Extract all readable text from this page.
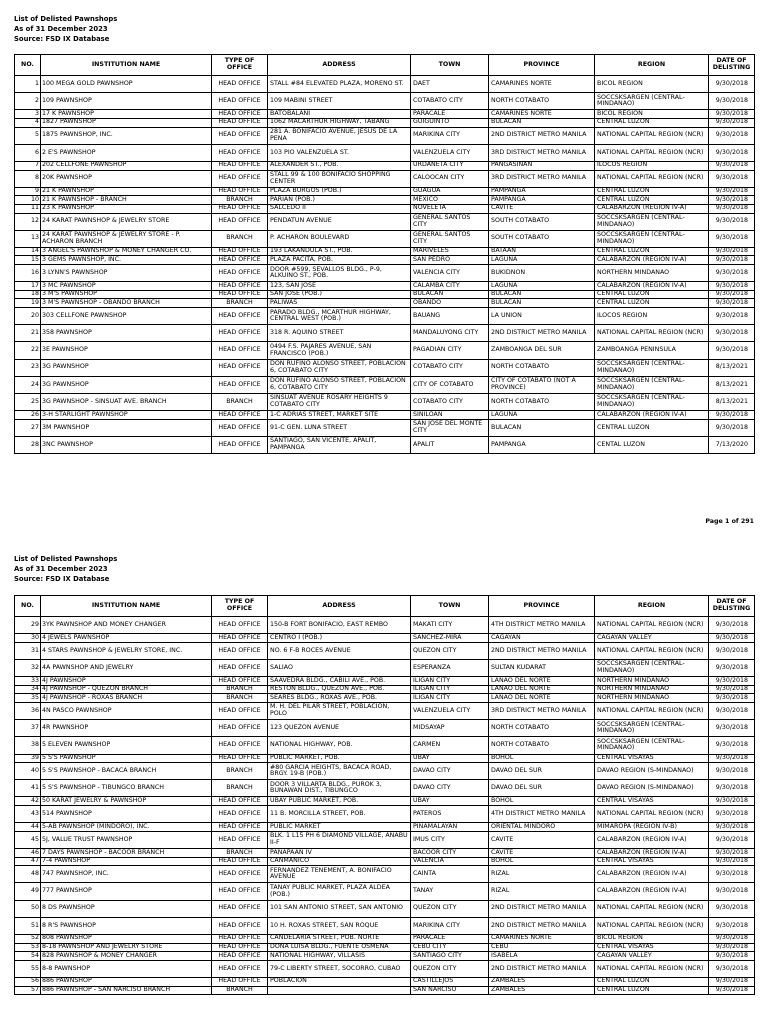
List of Delisted Pawnshops
As of 31 December 2023
Source: FSD IX Database
NO.	INSTITUTION NAME	TYPE OF OFFICE	ADDRESS	TOWN	PROVINCE	REGION	DATE OF DELISTING
1	100 MEGA GOLD PAWNSHOP	HEAD OFFICE	STALL #84 ELEVATED PLAZA, MORENO ST.	DAET	CAMARINES NORTE	BICOL REGION	9/30/2018
2	109 PAWNSHOP	HEAD OFFICE	109 MABINI STREET	COTABATO CITY	NORTH COTABATO	SOCCSKSARGEN (CENTRAL-MINDANAO)	9/30/2018
3	17 K PAWNSHOP	HEAD OFFICE	BATOBALANI	PARACALE	CAMARINES NORTE	BICOL REGION	9/30/2018
4	1827 PAWNSHOP	HEAD OFFICE	1062 MACARTHUR HIGHWAY, TABANG	GUIGUINTO	BULACAN	CENTRAL LUZON	9/30/2018
5	1875 PAWNSHOP, INC.	HEAD OFFICE	281 A. BONIFACIO AVENUE, JESUS DE LA PENA	MARIKINA CITY	2ND DISTRICT METRO MANILA	NATIONAL CAPITAL REGION (NCR)	9/30/2018
6	2 E'S PAWNSHOP	HEAD OFFICE	103 PIO VALENZUELA ST.	VALENZUELA CITY	3RD DISTRICT METRO MANILA	NATIONAL CAPITAL REGION (NCR)	9/30/2018
7	202 CELLFONE PAWNSHOP	HEAD OFFICE	ALEXANDER ST., POB.	URDANETA CITY	PANGASINAN	ILOCOS REGION	9/30/2018
8	20K PAWNSHOP	HEAD OFFICE	STALL 99 & 100 BONIFACIO SHOPPING CENTER	CALOOCAN CITY	3RD DISTRICT METRO MANILA	NATIONAL CAPITAL REGION (NCR)	9/30/2018
9	21 K PAWNSHOP	HEAD OFFICE	PLAZA BURGOS (POB.)	GUAGUA	PAMPANGA	CENTRAL LUZON	9/30/2018
10	21 K PAWNSHOP - BRANCH	BRANCH	PARIAN (POB.)	MEXICO	PAMPANGA	CENTRAL LUZON	9/30/2018
11	23 K PAWNSHOP	HEAD OFFICE	SALCEDO II	NOVELETA	CAVITE	CALABARZON (REGION IV-A)	9/30/2018
12	24 KARAT PAWNSHOP & JEWELRY STORE	HEAD OFFICE	PENDATUN AVENUE	GENERAL SANTOS CITY	SOUTH COTABATO	SOCCSKSARGEN (CENTRAL-MINDANAO)	9/30/2018
13	24 KARAT PAWNSHOP & JEWELRY STORE - P. ACHARON BRANCH	BRANCH	P. ACHARON BOULEVARD	GENERAL SANTOS CITY	SOUTH COTABATO	SOCCSKSARGEN (CENTRAL-MINDANAO)	9/30/2018
14	3 ANGEL'S PAWNSHOP & MONEY CHANGER CO.	HEAD OFFICE	193 LAKANDULA ST., POB.	MARIVELES	BATAAN	CENTRAL LUZON	9/30/2018
15	3 GEMS PAWNSHOP, INC.	HEAD OFFICE	PLAZA PACITA, POB.	SAN PEDRO	LAGUNA	CALABARZON (REGION IV-A)	9/30/2018
16	3 LYNN'S PAWNSHOP	HEAD OFFICE	DOOR #599, SEVALLOS BLDG., P-9, ALKUINO ST., POB.	VALENCIA CITY	BUKIDNON	NORTHERN MINDANAO	9/30/2018
17	3 MC PAWNSHOP	HEAD OFFICE	123, SAN JOSE	CALAMBA CITY	LAGUNA	CALABARZON (REGION IV-A)	9/30/2018
18	3 M'S PAWNSHOP	HEAD OFFICE	SAN JOSE (POB.)	BULACAN	BULACAN	CENTRAL LUZON	9/30/2018
19	3 M'S PAWNSHOP - OBANDO BRANCH	BRANCH	PALIWAS	OBANDO	BULACAN	CENTRAL LUZON	9/30/2018
20	303 CELLFONE PAWNSHOP	HEAD OFFICE	PARADO BLDG., MCARTHUR HIGHWAY, CENTRAL WEST (POB.)	BAUANG	LA UNION	ILOCOS REGION	9/30/2018
21	358 PAWNSHOP	HEAD OFFICE	318 R. AQUINO STREET	MANDALUYONG CITY	2ND DISTRICT METRO MANILA	NATIONAL CAPITAL REGION (NCR)	9/30/2018
22	3E PAWNSHOP	HEAD OFFICE	0494 F.S. PAJARES AVENUE, SAN FRANCISCO (POB.)	PAGADIAN CITY	ZAMBOANGA DEL SUR	ZAMBOANGA PENINSULA	9/30/2018
23	3G PAWNSHOP	HEAD OFFICE	DON RUFINO ALONSO STREET, POBLACION 6, COTABATO CITY	COTABATO CITY	NORTH COTABATO	SOCCSKSARGEN (CENTRAL-MINDANAO)	8/13/2021
24	3G PAWNSHOP	HEAD OFFICE	DON RUFINO ALONSO STREET, POBLACION 6, COTABATO CITY	CITY OF COTABATO	CITY OF COTABATO (NOT A PROVINCE)	SOCCSKSARGEN (CENTRAL-MINDANAO)	8/13/2021
25	3G PAWNSHOP - SINSUAT AVE. BRANCH	BRANCH	SINSUAT AVENUE ROSARY HEIGHTS 9 COTABATO CITY	COTABATO CITY	NORTH COTABATO	SOCCSKSARGEN (CENTRAL-MINDANAO)	8/13/2021
26	3-H STARLIGHT PAWNSHOP	HEAD OFFICE	1-C ADRIAS STREET, MARKET SITE	SINILOAN	LAGUNA	CALABARZON (REGION IV-A)	9/30/2018
27	3M PAWNSHOP	HEAD OFFICE	91-C GEN. LUNA STREET	SAN JOSE DEL MONTE CITY	BULACAN	CENTRAL LUZON	9/30/2018
28	3NC PAWNSHOP	HEAD OFFICE	SANTIAGO, SAN VICENTE, APALIT, PAMPANGA	APALIT	PAMPANGA	CENTAL LUZON	7/13/2020
Page 1 of 291
List of Delisted Pawnshops
As of 31 December 2023
Source: FSD IX Database
NO.	INSTITUTION NAME	TYPE OF OFFICE	ADDRESS	TOWN	PROVINCE	REGION	DATE OF DELISTING
29	3YK PAWNSHOP AND MONEY CHANGER	HEAD OFFICE	150-B FORT BONIFACIO, EAST REMBO	MAKATI CITY	4TH DISTRICT METRO MANILA	NATIONAL CAPITAL REGION (NCR)	9/30/2018
30	4 JEWELS PAWNSHOP	HEAD OFFICE	CENTRO I (POB.)	SANCHEZ-MIRA	CAGAYAN	CAGAYAN VALLEY	9/30/2018
31	4 STARS PAWNSHOP & JEWELRY STORE, INC.	HEAD OFFICE	NO. 6 F-B ROCES AVENUE	QUEZON CITY	2ND DISTRICT METRO MANILA	NATIONAL CAPITAL REGION (NCR)	9/30/2018
32	4A PAWNSHOP AND JEWELRY	HEAD OFFICE	SALIAO	ESPERANZA	SULTAN KUDARAT	SOCCSKSARGEN (CENTRAL-MINDANAO)	9/30/2018
33	4J PAWNSHOP	HEAD OFFICE	SAAVEDRA BLDG., CABILI AVE., POB.	ILIGAN CITY	LANAO DEL NORTE	NORTHERN MINDANAO	9/30/2018
34	4J PAWNSHOP - QUEZON BRANCH	BRANCH	RESTON BLDG., QUEZON AVE., POB.	ILIGAN CITY	LANAO DEL NORTE	NORTHERN MINDANAO	9/30/2018
35	4J PAWNSHOP - ROXAS BRANCH	BRANCH	SEARES BLDG., ROXAS AVE., POB.	ILIGAN CITY	LANAO DEL NORTE	NORTHERN MINDANAO	9/30/2018
36	4N PASCO PAWNSHOP	HEAD OFFICE	M. H. DEL PILAR STREET, POBLACION, POLO	VALENZUELA CITY	3RD DISTRICT METRO MANILA	NATIONAL CAPITAL REGION (NCR)	9/30/2018
37	4R PAWNSHOP	HEAD OFFICE	123 QUEZON AVENUE	MIDSAYAP	NORTH COTABATO	SOCCSKSARGEN (CENTRAL-MINDANAO)	9/30/2018
38	5 ELEVEN PAWNSHOP	HEAD OFFICE	NATIONAL HIGHWAY, POB.	CARMEN	NORTH COTABATO	SOCCSKSARGEN (CENTRAL-MINDANAO)	9/30/2018
39	5 S'S PAWNSHOP	HEAD OFFICE	PUBLIC MARKET, POB.	UBAY	BOHOL	CENTRAL VISAYAS	9/30/2018
40	5 S'S PAWNSHOP - BACACA BRANCH	BRANCH	#80 GARCIA HEIGHTS, BACACA ROAD, BRGY. 19-B (POB.)	DAVAO CITY	DAVAO DEL SUR	DAVAO REGION (S-MINDANAO)	9/30/2018
41	5 S'S PAWNSHOP - TIBUNGCO BRANCH	BRANCH	DOOR 3 VILLARTA BLDG., PUROK 3, BUNAWAN DIST., TIBUNGCO	DAVAO CITY	DAVAO DEL SUR	DAVAO REGION (S-MINDANAO)	9/30/2018
42	50 KARAT JEWELRY & PAWNSHOP	HEAD OFFICE	UBAY PUBLIC MARKET, POB.	UBAY	BOHOL	CENTRAL VISAYAS	9/30/2018
43	514 PAWNSHOP	HEAD OFFICE	11 B. MORCILLA STREET, POB.	PATEROS	4TH DISTRICT METRO MANILA	NATIONAL CAPITAL REGION (NCR)	9/30/2018
44	5-AB PAWNSHOP (MINDORO), INC.	HEAD OFFICE	PUBLIC MARKET	PINAMALAYAN	ORIENTAL MINDORO	MIMAROPA (REGION IV-B)	9/30/2018
45	5J, VALUE TRUST PAWNSHOP	HEAD OFFICE	BLK. 1 L15 PH 6 DIAMOND VILLAGE, ANABU II-F	IMUS CITY	CAVITE	CALABARZON (REGION IV-A)	9/30/2018
46	7 DAYS PAWNSHOP - BACOOR BRANCH	BRANCH	PANAPAAN IV	BACOOR CITY	CAVITE	CALABARZON (REGION IV-A)	9/30/2018
47	7-4 PAWNSHOP	HEAD OFFICE	CANMANICO	VALENCIA	BOHOL	CENTRAL VISAYAS	9/30/2018
48	747 PAWNSHOP, INC.	HEAD OFFICE	FERNANDEZ TENEMENT, A. BONIFACIO AVENUE	CAINTA	RIZAL	CALABARZON (REGION IV-A)	9/30/2018
49	777 PAWNSHOP	HEAD OFFICE	TANAY PUBLIC MARKET, PLAZA ALDEA (POB.)	TANAY	RIZAL	CALABARZON (REGION IV-A)	9/30/2018
50	8 DS PAWNSHOP	HEAD OFFICE	101 SAN ANTONIO STREET, SAN ANTONIO	QUEZON CITY	2ND DISTRICT METRO MANILA	NATIONAL CAPITAL REGION (NCR)	9/30/2018
51	8 R'S PAWNSHOP	HEAD OFFICE	10 H. ROXAS STREET, SAN ROQUE	MARIKINA CITY	2ND DISTRICT METRO MANILA	NATIONAL CAPITAL REGION (NCR)	9/30/2018
52	808 PAWNSHOP	HEAD OFFICE	CANDELARIA STREET, POB. NORTE	PARACALE	CAMARINES NORTE	BICOL REGION	9/30/2018
53	8-18 PAWNSHOP AND JEWELRY STORE	HEAD OFFICE	DOÑA LUISA BLDG., FUENTE OSMEÑA	CEBU CITY	CEBU	CENTRAL VISAYAS	9/30/2018
54	828 PAWNSHOP & MONEY CHANGER	HEAD OFFICE	NATIONAL HIGHWAY, VILLASIS	SANTIAGO CITY	ISABELA	CAGAYAN VALLEY	9/30/2018
55	8-8 PAWNSHOP	HEAD OFFICE	79-C LIBERTY STREET, SOCORRO, CUBAO	QUEZON CITY	2ND DISTRICT METRO MANILA	NATIONAL CAPITAL REGION (NCR)	9/30/2018
56	886 PAWNSHOP	HEAD OFFICE	POBLACION	CASTILLEJOS	ZAMBALES	CENTRAL LUZON	9/30/2018
57	886 PAWNSHOP - SAN NARCISO BRANCH	BRANCH		SAN NARCISO	ZAMBALES	CENTRAL LUZON	9/30/2018
